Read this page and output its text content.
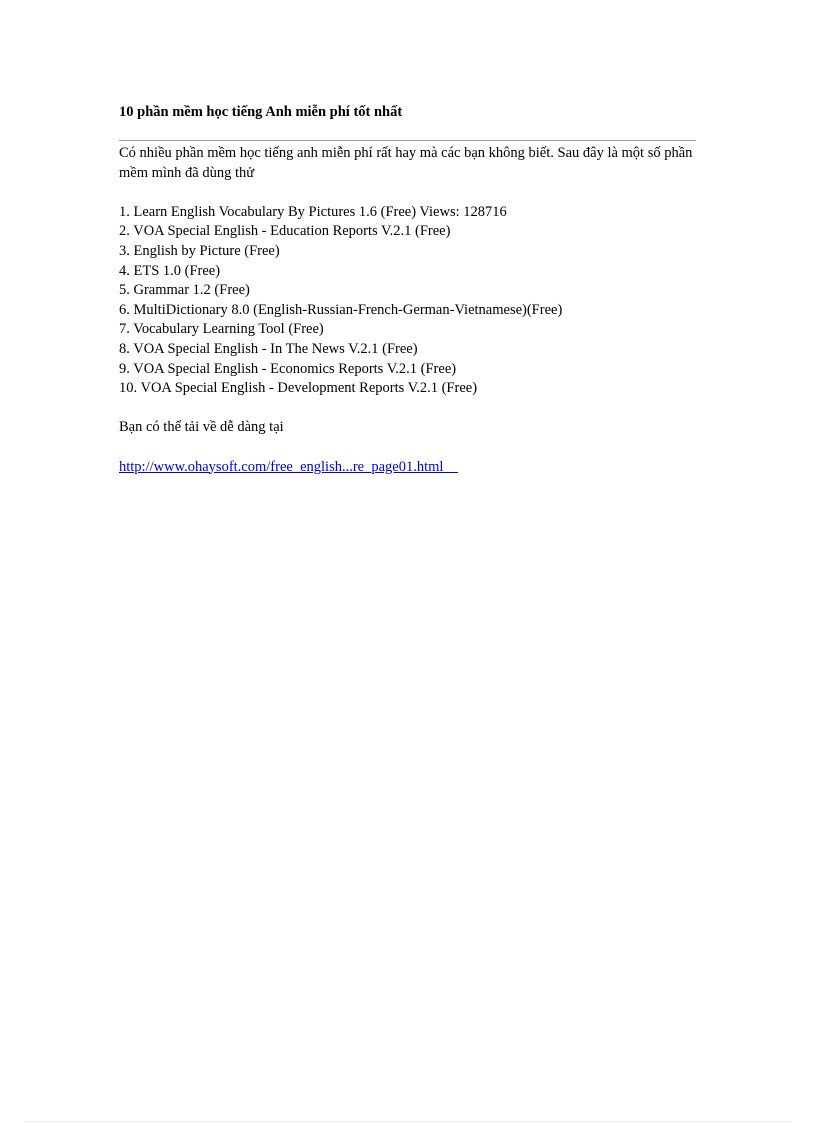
10 phần mềm học tiếng Anh miễn phí tốt nhất

Có nhiều phần mềm học tiếng anh miễn phí rất hay mà các bạn không biết. Sau đây là một số phần mềm mình đã dùng thử

1. Learn English Vocabulary By Pictures 1.6 (Free) Views: 128716
2. VOA Special English - Education Reports V.2.1 (Free)
3. English by Picture (Free)
4. ETS 1.0 (Free)
5. Grammar 1.2 (Free)
6. MultiDictionary 8.0 (English-Russian-French-German-Vietnamese)(Free)
7. Vocabulary Learning Tool (Free)
8. VOA Special English - In The News V.2.1 (Free)
9. VOA Special English - Economics Reports V.2.1 (Free)
10. VOA Special English - Development Reports V.2.1 (Free)

Bạn có thể tải về dễ dàng tại

http://www.ohaysoft.com/free_english...re_page01.html
